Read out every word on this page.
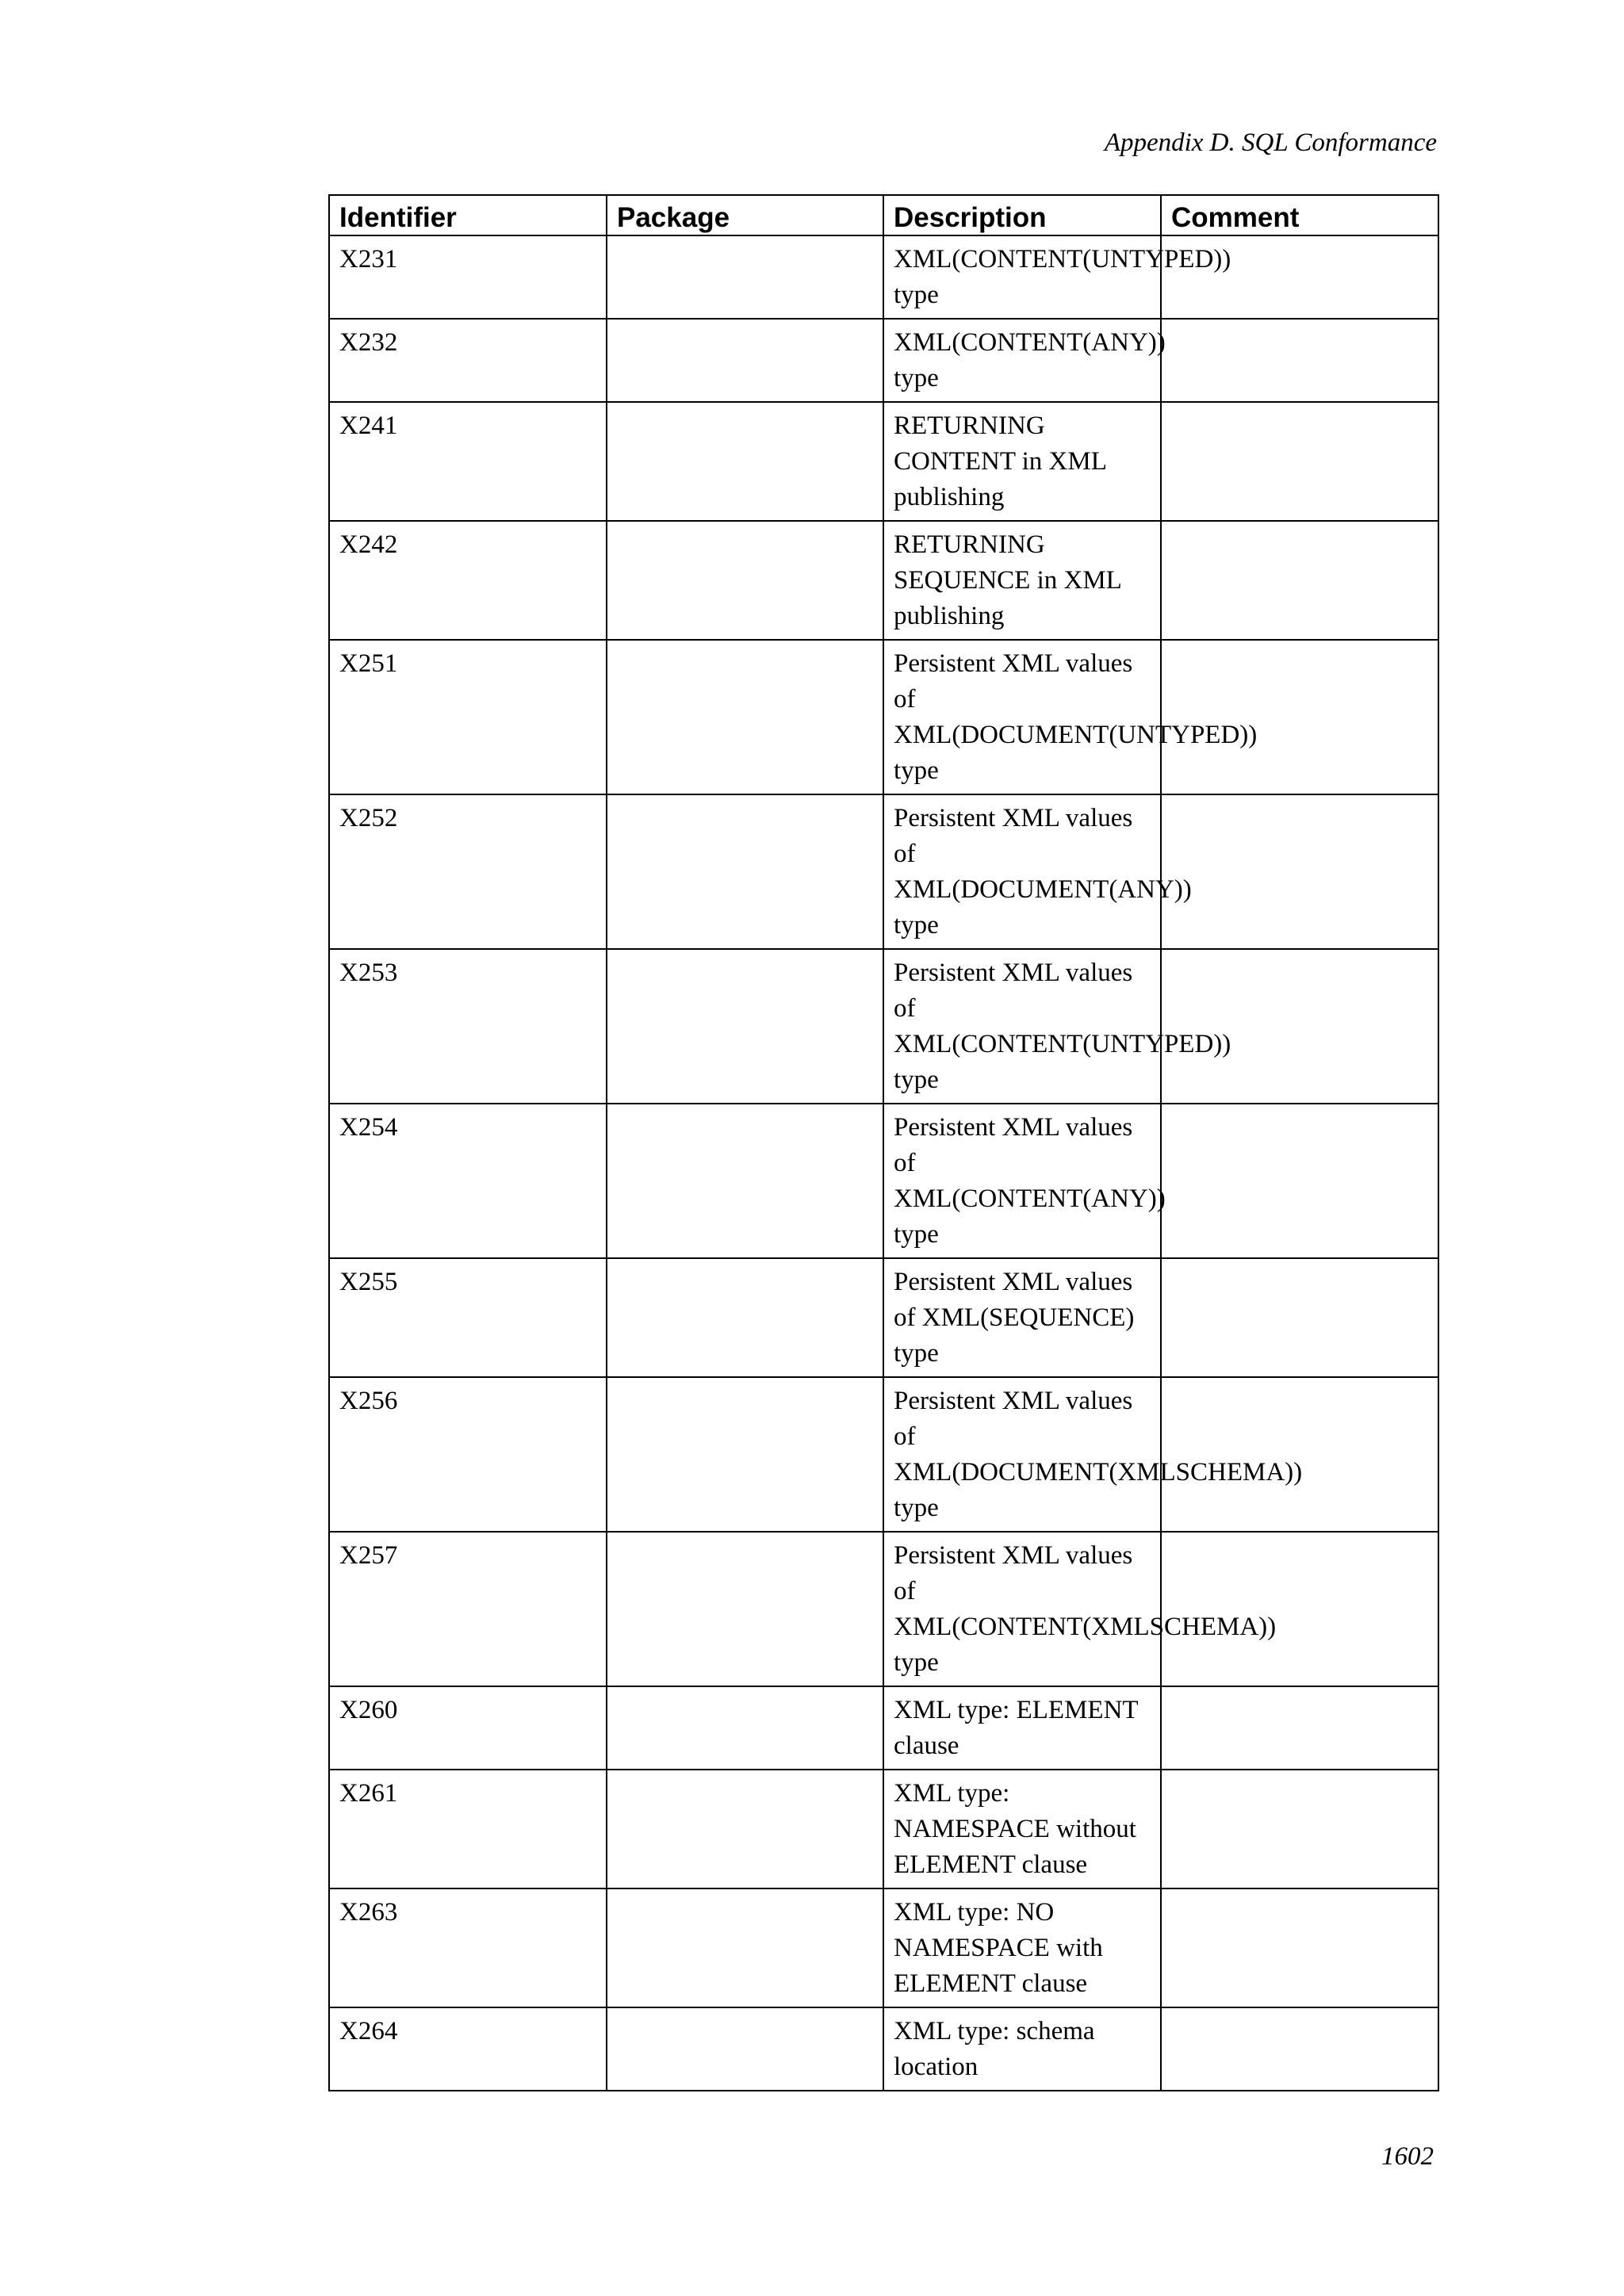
Appendix D. SQL Conformance
Identifier	Package	Description	Comment
X231		XML(CONTENT(UNTYPED))
type	

X232		XML(CONTENT(ANY))
type	

X241		RETURNING
CONTENT in XML
publishing	

X242		RETURNING
SEQUENCE in XML
publishing	

X251		Persistent XML values
of
XML(DOCUMENT(UNTYPED))
type	

X252		Persistent XML values
of
XML(DOCUMENT(ANY))
type	

X253		Persistent XML values
of
XML(CONTENT(UNTYPED))
type	

X254		Persistent XML values
of
XML(CONTENT(ANY))
type	

X255		Persistent XML values
of XML(SEQUENCE)
type	

X256		Persistent XML values
of
XML(DOCUMENT(XMLSCHEMA))
type	

X257		Persistent XML values
of
XML(CONTENT(XMLSCHEMA))
type	

X260		XML type: ELEMENT
clause	

X261		XML type:
NAMESPACE without
ELEMENT clause	

X263		XML type: NO
NAMESPACE with
ELEMENT clause	

X264		XML type: schema
location	

1602
